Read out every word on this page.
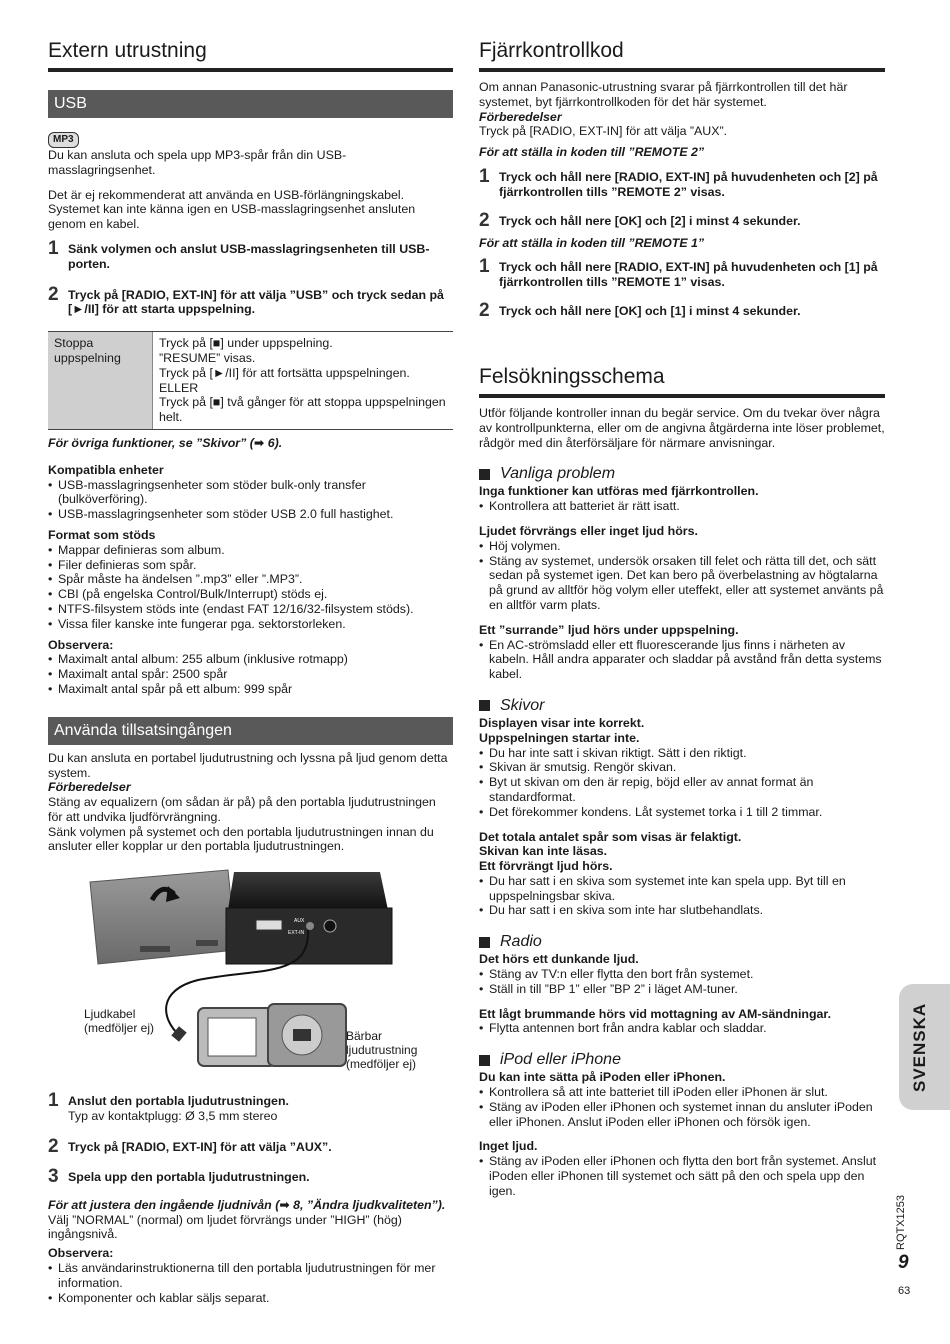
Extern utrustning
USB
MP3

Du kan ansluta och spela upp MP3-spår från din USB-masslagringsenhet.

Det är ej rekommenderat att använda en USB-förlängningskabel. Systemet kan inte känna igen en USB-masslagringsenhet ansluten genom en kabel.

1 Sänk volymen och anslut USB-masslagringsenheten till USB-porten.
2 Tryck på [RADIO, EXT-IN] för att välja ”USB” och tryck sedan på [►/II] för att starta uppspelning.
Stoppa uppspelning
Tryck på [■] under uppspelning.
”RESUME” visas.
Tryck på [►/II] för att fortsätta uppspelningen.
ELLER
Tryck på [■] två gånger för att stoppa uppspelningen helt.

För övriga funktioner, se ”Skivor” (➡ 6).

Kompatibla enheter

• USB-masslagringsenheter som stöder bulk-only transfer (bulköverföring).
• USB-masslagringsenheter som stöder USB 2.0 full hastighet.

Format som stöds

• Mappar definieras som album.
• Filer definieras som spår.
• Spår måste ha ändelsen ”.mp3” eller ”.MP3”.
• CBI (på engelska Control/Bulk/Interrupt) stöds ej.
• NTFS-filsystem stöds inte (endast FAT 12/16/32-filsystem stöds).
• Vissa filer kanske inte fungerar pga. sektorstorleken.

Observera:

• Maximalt antal album: 255 album (inklusive rotmapp)
• Maximalt antal spår: 2500 spår
• Maximalt antal spår på ett album: 999 spår
Använda tillsatsingången

Du kan ansluta en portabel ljudutrustning och lyssna på ljud genom detta system.

Förberedelser

Stäng av equalizern (om sådan är på) på den portabla ljudutrustningen för att undvika ljudförvrängning.

Sänk volymen på systemet och den portabla ljudutrustningen innan du ansluter eller kopplar ur den portabla ljudutrustningen.

AUX
EXT-IN
Ljudkabel (medföljer ej)
Bärbar ljudutrustning (medföljer ej)
1 Anslut den portabla ljudutrustningen.
Typ av kontaktplugg: Ø 3,5 mm stereo
2 Tryck på [RADIO, EXT-IN] för att välja ”AUX”.
3 Spela upp den portabla ljudutrustningen.

För att justera den ingående ljudnivån (➡ 8, ”Ändra ljudkvaliteten”).

Välj ”NORMAL” (normal) om ljudet förvrängs under ”HIGH” (hög) ingångsnivå.

Observera:

• Läs användarinstruktionerna till den portabla ljudutrustningen för mer information.
• Komponenter och kablar säljs separat.
Fjärrkontrollkod

Om annan Panasonic-utrustning svarar på fjärrkontrollen till det här systemet, byt fjärrkontrollkoden för det här systemet.

Förberedelser

Tryck på [RADIO, EXT-IN] för att välja ”AUX”.

För att ställa in koden till ”REMOTE 2”

1 Tryck och håll nere [RADIO, EXT-IN] på huvudenheten och [2] på fjärrkontrollen tills ”REMOTE 2” visas.
2 Tryck och håll nere [OK] och [2] i minst 4 sekunder.

För att ställa in koden till ”REMOTE 1”

1 Tryck och håll nere [RADIO, EXT-IN] på huvudenheten och [1] på fjärrkontrollen tills ”REMOTE 1” visas.
2 Tryck och håll nere [OK] och [1] i minst 4 sekunder.
Felsökningsschema

Utför följande kontroller innan du begär service. Om du tvekar över några av kontrollpunkterna, eller om de angivna åtgärderna inte löser problemet, rådgör med din återförsäljare för närmare anvisningar.

Vanliga problem

Inga funktioner kan utföras med fjärrkontrollen.

• Kontrollera att batteriet är rätt isatt.

Ljudet förvrängs eller inget ljud hörs.

• Höj volymen.
• Stäng av systemet, undersök orsaken till felet och rätta till det, och sätt sedan på systemet igen. Det kan bero på överbelastning av högtalarna på grund av alltför hög volym eller uteffekt, eller att systemet använts på en alltför varm plats.

Ett ”surrande” ljud hörs under uppspelning.

• En AC-strömsladd eller ett fluorescerande ljus finns i närheten av kabeln. Håll andra apparater och sladdar på avstånd från detta systems kabel.
Skivor

Displayen visar inte korrekt.

Uppspelningen startar inte.

• Du har inte satt i skivan riktigt. Sätt i den riktigt.
• Skivan är smutsig. Rengör skivan.
• Byt ut skivan om den är repig, böjd eller av annat format än standardformat.
• Det förekommer kondens. Låt systemet torka i 1 till 2 timmar.

Det totala antalet spår som visas är felaktigt.

Skivan kan inte läsas.

Ett förvrängt ljud hörs.

• Du har satt i en skiva som systemet inte kan spela upp. Byt till en uppspelningsbar skiva.
• Du har satt i en skiva som inte har slutbehandlats.
Radio

Det hörs ett dunkande ljud.

• Stäng av TV:n eller flytta den bort från systemet.
• Ställ in till ”BP 1” eller ”BP 2” i läget AM-tuner.

Ett lågt brummande hörs vid mottagning av AM-sändningar.

• Flytta antennen bort från andra kablar och sladdar.
iPod eller iPhone

Du kan inte sätta på iPoden eller iPhonen.

• Kontrollera så att inte batteriet till iPoden eller iPhonen är slut.
• Stäng av iPoden eller iPhonen och systemet innan du ansluter iPoden eller iPhonen. Anslut iPoden eller iPhonen och försök igen.

Inget ljud.

• Stäng av iPoden eller iPhonen och flytta den bort från systemet. Anslut iPoden eller iPhonen till systemet och sätt på den och spela upp den igen.
SVENSKA
RQTX1253
9
63
